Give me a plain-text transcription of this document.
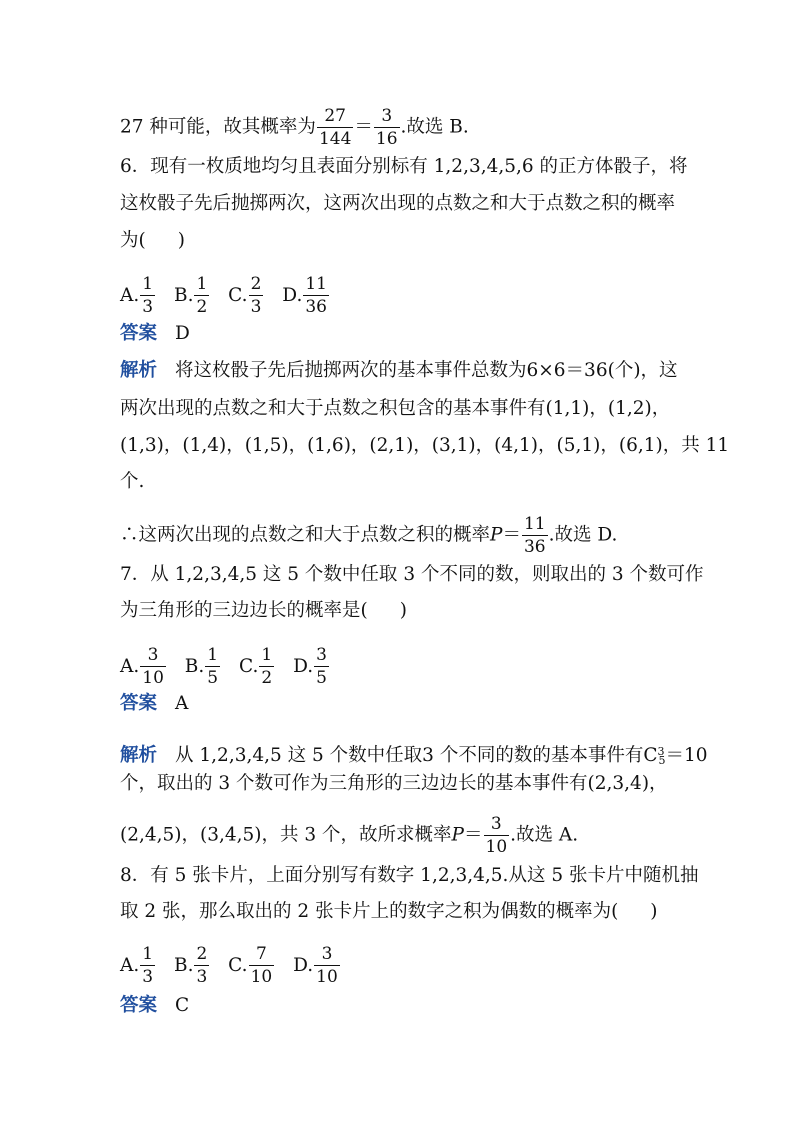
27 种可能，故其概率为 $\frac{27}{144} = \frac{3}{16}$ .故选 B.
6．现有一枚质地均匀且表面分别标有 1,2,3,4,5,6 的正方体骰子，将
这枚骰子先后抛掷两次，这两次出现的点数之和大于点数之积的概率
为( )
A. $\frac{1}{3} B$. $\frac{1}{2} C$. $\frac{2}{3} D$. $\frac{11}{36}$
答案 D
解析 将这枚骰子先后抛掷两次的基本事件总数为6×6＝36(个)，这
两次出现的点数之和大于点数之积包含的基本事件有(1,1)，(1,2)，
(1,3)，(1,4)，(1,5)，(1,6)，(2,1)，(3,1)，(4,1)，(5,1)，(6,1)，共 11
个.
∴这两次出现的点数之和大于点数之积的概率$P= \frac{11}{36}$ .故选 D.
7．从 1,2,3,4,5 这 5 个数中任取 3 个不同的数，则取出的 3 个数可作
为三角形的三边边长的概率是( )
A. $\frac{3}{10} B$. $\frac{1}{5} C$. $\frac{1}{2} D$. $\frac{3}{5}$
答案 A
解析 从 1,2,3,4,5 这 5 个数中任取3 个不同的数的基本事件有$C^3_5=10$
个，取出的 3 个数可作为三角形的三边边长的基本事件有(2,3,4)，
(2,4,5)，(3,4,5)，共 3 个，故所求概率$P= \frac{3}{10}$ .故选 A.
8．有 5 张卡片，上面分别写有数字 1,2,3,4,5.从这 5 张卡片中随机抽
取 2 张，那么取出的 2 张卡片上的数字之积为偶数的概率为( )
A. $\frac{1}{3} B$. $\frac{2}{3} C$. $\frac{7}{10} D$. $\frac{3}{10}$
答案 C
